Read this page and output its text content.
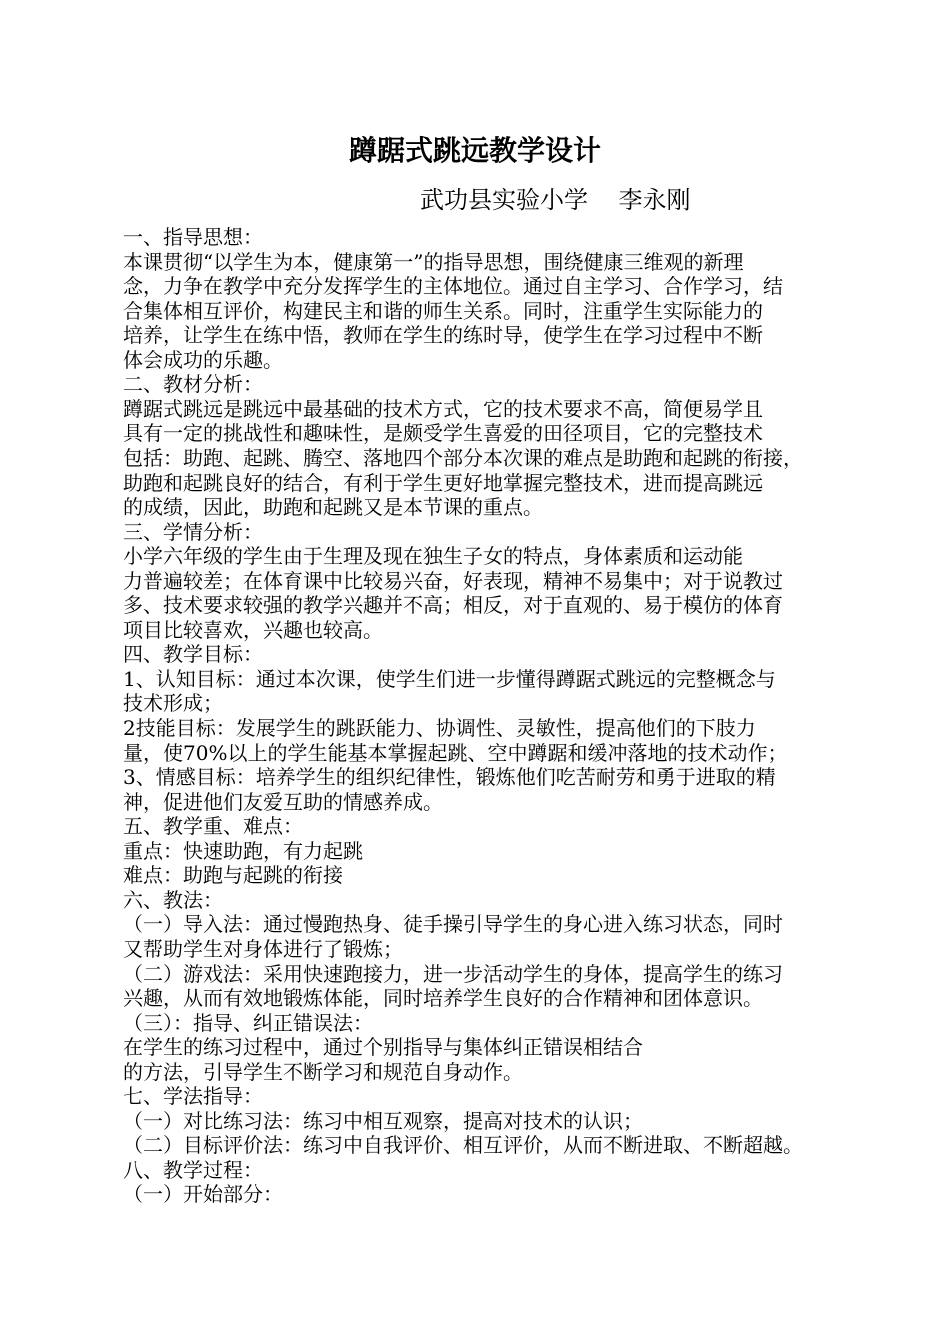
蹲踞式跳远教学设计
武功县实验小学    李永刚
一、指导思想：
本课贯彻“以学生为本，健康第一”的指导思想，围绕健康三维观的新理
念，力争在教学中充分发挥学生的主体地位。通过自主学习、合作学习，结
合集体相互评价，构建民主和谐的师生关系。同时，注重学生实际能力的
培养，让学生在练中悟，教师在学生的练时导，使学生在学习过程中不断
体会成功的乐趣。
二、教材分析：
蹲踞式跳远是跳远中最基础的技术方式，它的技术要求不高，简便易学且
具有一定的挑战性和趣味性，是颇受学生喜爱的田径项目，它的完整技术
包括：助跑、起跳、腾空、落地四个部分本次课的难点是助跑和起跳的衔接，
助跑和起跳良好的结合，有利于学生更好地掌握完整技术，进而提高跳远
的成绩，因此，助跑和起跳又是本节课的重点。
三、学情分析：
小学六年级的学生由于生理及现在独生子女的特点，身体素质和运动能
力普遍较差；在体育课中比较易兴奋，好表现，精神不易集中；对于说教过
多、技术要求较强的教学兴趣并不高；相反，对于直观的、易于模仿的体育
项目比较喜欢，兴趣也较高。
四、教学目标：
1、认知目标：通过本次课，使学生们进一步懂得蹲踞式跳远的完整概念与
技术形成；
2技能目标：发展学生的跳跃能力、协调性、灵敏性，提高他们的下肢力
量，使70%以上的学生能基本掌握起跳、空中蹲踞和缓冲落地的技术动作；
3、情感目标：培养学生的组织纪律性，锻炼他们吃苦耐劳和勇于进取的精
神，促进他们友爱互助的情感养成。
五、教学重、难点：
重点：快速助跑，有力起跳
难点：助跑与起跳的衔接
六、教法：
（一）导入法：通过慢跑热身、徒手操引导学生的身心进入练习状态，同时
又帮助学生对身体进行了锻炼；
（二）游戏法：采用快速跑接力，进一步活动学生的身体，提高学生的练习
兴趣，从而有效地锻炼体能，同时培养学生良好的合作精神和团体意识。
（三）：指导、纠正错误法：
在学生的练习过程中，通过个别指导与集体纠正错误相结合
的方法，引导学生不断学习和规范自身动作。
七、学法指导：
（一）对比练习法：练习中相互观察，提高对技术的认识；
（二）目标评价法：练习中自我评价、相互评价，从而不断进取、不断超越。
八、教学过程：
（一）开始部分：
